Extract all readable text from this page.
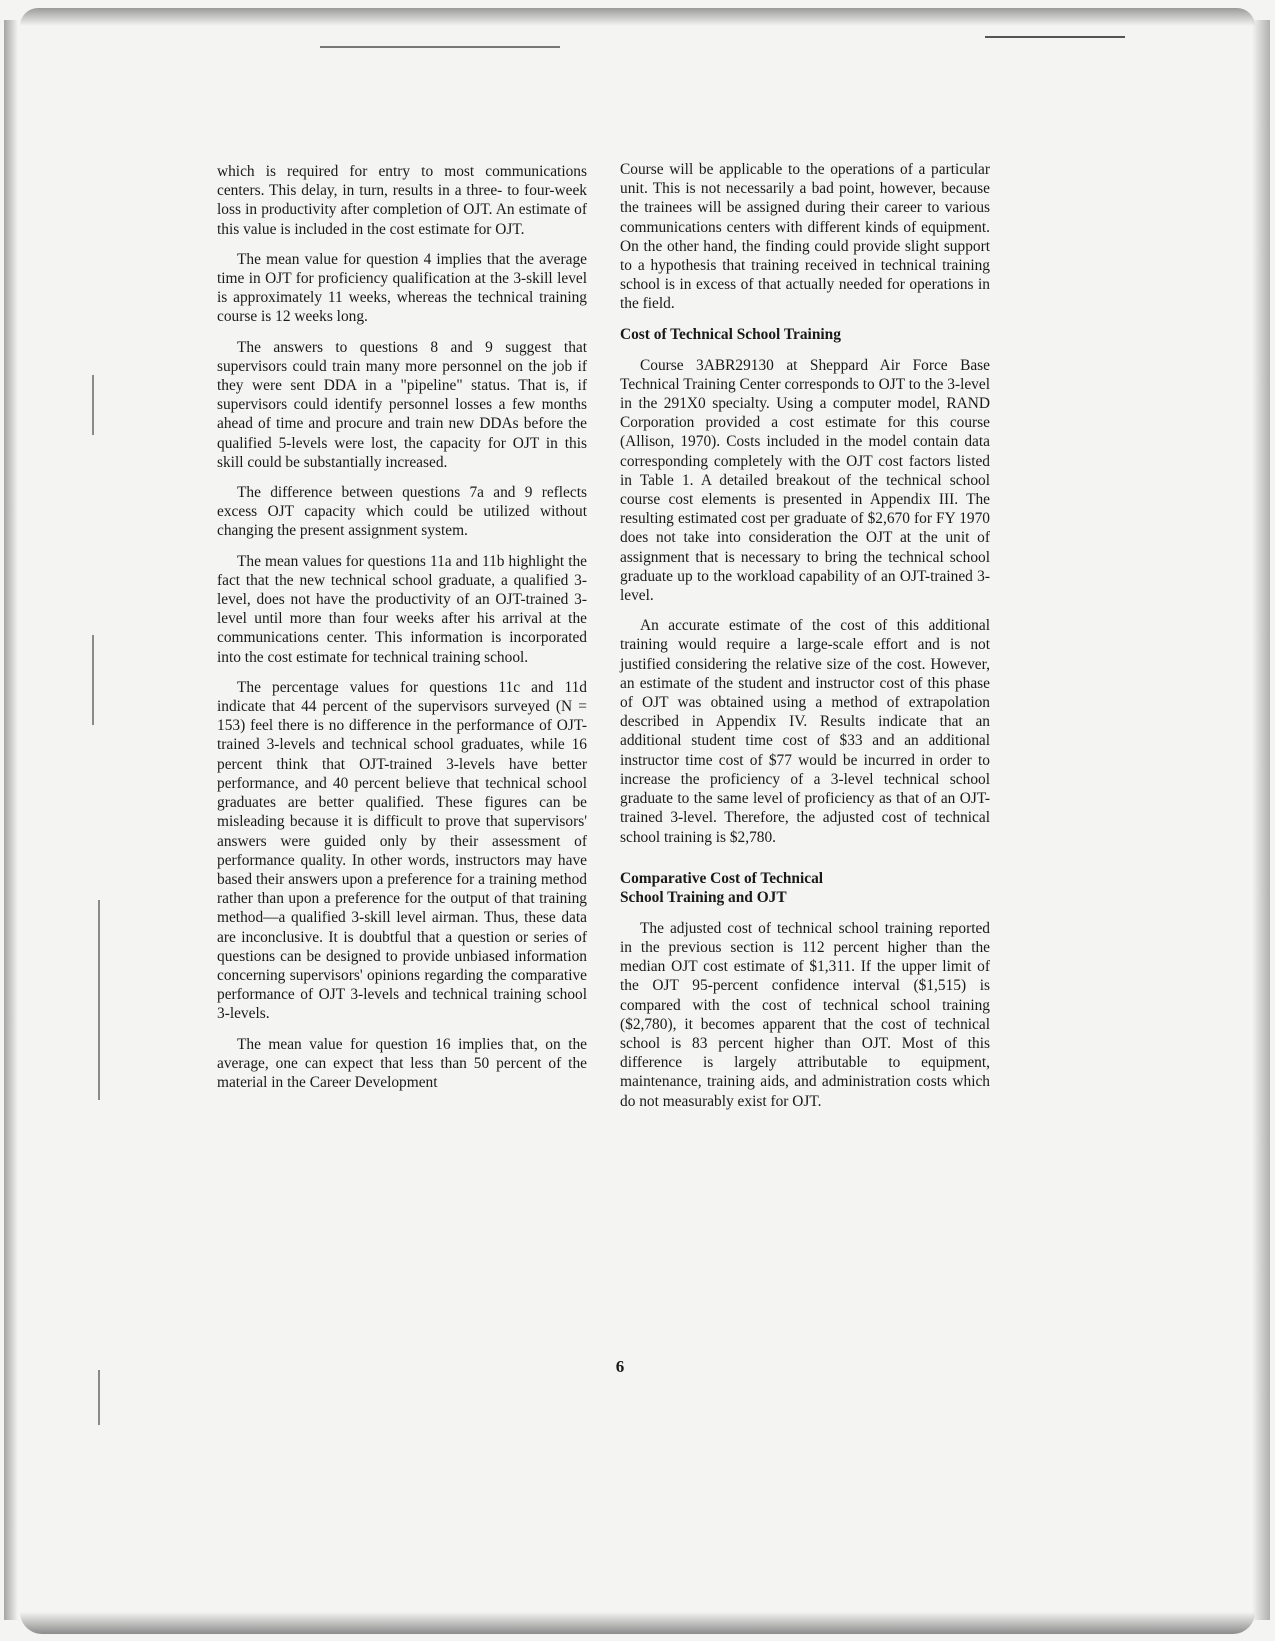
which is required for entry to most communications centers. This delay, in turn, results in a three- to four-week loss in productivity after completion of OJT. An estimate of this value is included in the cost estimate for OJT.

The mean value for question 4 implies that the average time in OJT for proficiency qualification at the 3-skill level is approximately 11 weeks, whereas the technical training course is 12 weeks long.

The answers to questions 8 and 9 suggest that supervisors could train many more personnel on the job if they were sent DDA in a "pipeline" status. That is, if supervisors could identify personnel losses a few months ahead of time and procure and train new DDAs before the qualified 5-levels were lost, the capacity for OJT in this skill could be substantially increased.

The difference between questions 7a and 9 reflects excess OJT capacity which could be utilized without changing the present assignment system.

The mean values for questions 11a and 11b highlight the fact that the new technical school graduate, a qualified 3-level, does not have the productivity of an OJT-trained 3-level until more than four weeks after his arrival at the communications center. This information is incorporated into the cost estimate for technical training school.

The percentage values for questions 11c and 11d indicate that 44 percent of the supervisors surveyed (N = 153) feel there is no difference in the performance of OJT-trained 3-levels and technical school graduates, while 16 percent think that OJT-trained 3-levels have better performance, and 40 percent believe that technical school graduates are better qualified. These figures can be misleading because it is difficult to prove that supervisors' answers were guided only by their assessment of performance quality. In other words, instructors may have based their answers upon a preference for a training method rather than upon a preference for the output of that training method—a qualified 3-skill level airman. Thus, these data are inconclusive. It is doubtful that a question or series of questions can be designed to provide unbiased information concerning supervisors' opinions regarding the comparative performance of OJT 3-levels and technical training school 3-levels.

The mean value for question 16 implies that, on the average, one can expect that less than 50 percent of the material in the Career Development

Course will be applicable to the operations of a particular unit. This is not necessarily a bad point, however, because the trainees will be assigned during their career to various communications centers with different kinds of equipment. On the other hand, the finding could provide slight support to a hypothesis that training received in technical training school is in excess of that actually needed for operations in the field.

Cost of Technical School Training

Course 3ABR29130 at Sheppard Air Force Base Technical Training Center corresponds to OJT to the 3-level in the 291X0 specialty. Using a computer model, RAND Corporation provided a cost estimate for this course (Allison, 1970). Costs included in the model contain data corresponding completely with the OJT cost factors listed in Table 1. A detailed breakout of the technical school course cost elements is presented in Appendix III. The resulting estimated cost per graduate of $2,670 for FY 1970 does not take into consideration the OJT at the unit of assignment that is necessary to bring the technical school graduate up to the workload capability of an OJT-trained 3-level.

An accurate estimate of the cost of this additional training would require a large-scale effort and is not justified considering the relative size of the cost. However, an estimate of the student and instructor cost of this phase of OJT was obtained using a method of extrapolation described in Appendix IV. Results indicate that an additional student time cost of $33 and an additional instructor time cost of $77 would be incurred in order to increase the proficiency of a 3-level technical school graduate to the same level of proficiency as that of an OJT-trained 3-level. Therefore, the adjusted cost of technical school training is $2,780.

Comparative Cost of Technical
School Training and OJT

The adjusted cost of technical school training reported in the previous section is 112 percent higher than the median OJT cost estimate of $1,311. If the upper limit of the OJT 95-percent confidence interval ($1,515) is compared with the cost of technical school training ($2,780), it becomes apparent that the cost of technical school is 83 percent higher than OJT. Most of this difference is largely attributable to equipment, maintenance, training aids, and administration costs which do not measurably exist for OJT.

6
